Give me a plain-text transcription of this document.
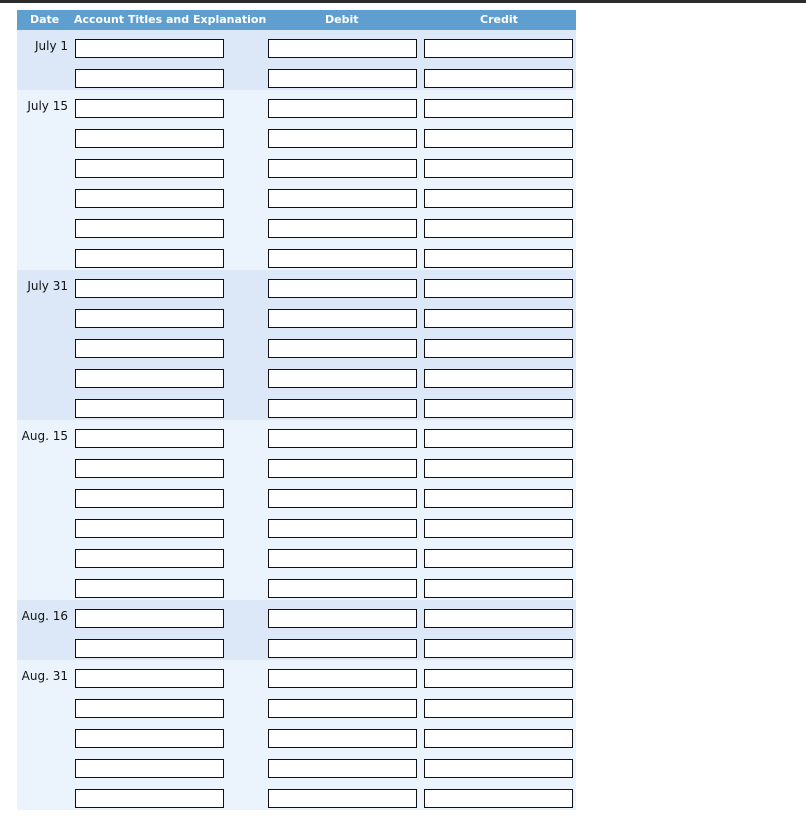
Date Account Titles and Explanation	Debit	Credit
July 1
July 15
July 31
Aug. 15
Aug. 16
Aug. 31
